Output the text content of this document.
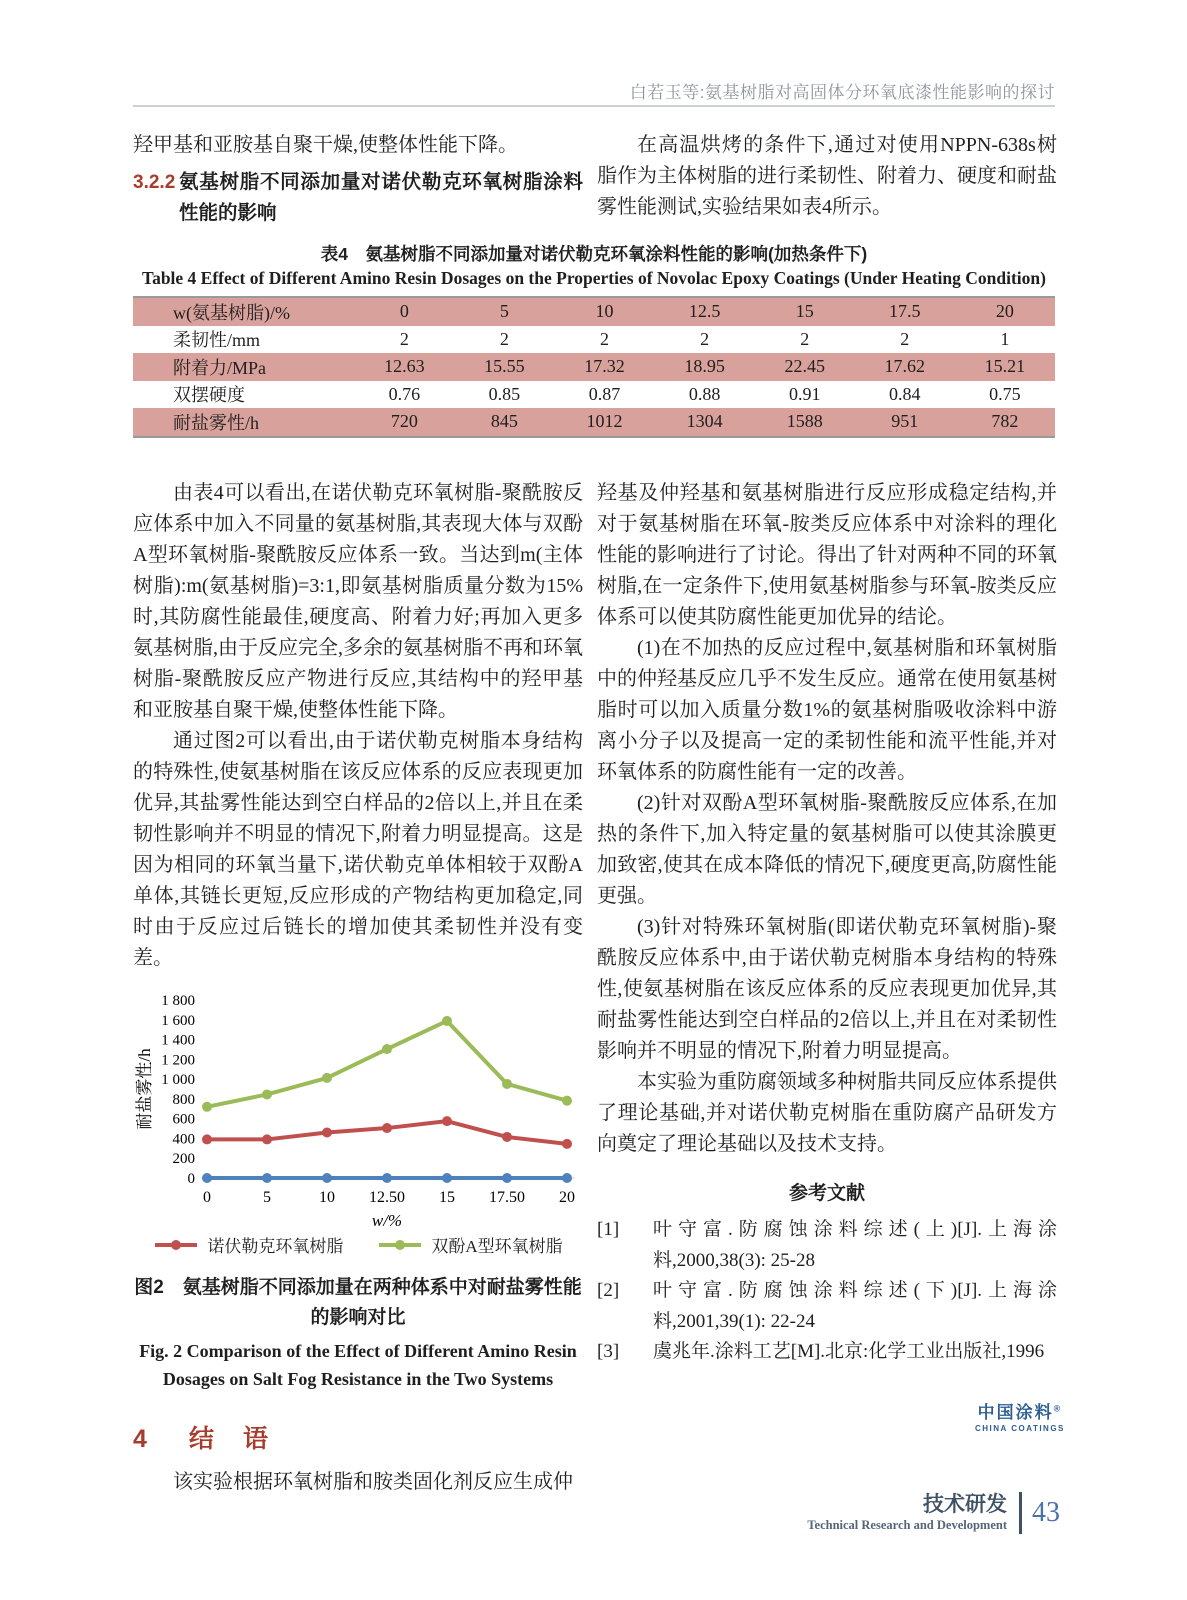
白若玉等:氨基树脂对高固体分环氧底漆性能影响的探讨
羟甲基和亚胺基自聚干燥,使整体性能下降。
3.2.2 氨基树脂不同添加量对诺伏勒克环氧树脂涂料性能的影响
在高温烘烤的条件下,通过对使用NPPN-638s树脂作为主体树脂的进行柔韧性、附着力、硬度和耐盐雾性能测试,实验结果如表4所示。
表4　氨基树脂不同添加量对诺伏勒克环氧涂料性能的影响(加热条件下)
Table 4 Effect of Different Amino Resin Dosages on the Properties of Novolac Epoxy Coatings (Under Heating Condition)
w(氨基树脂)/%	0	5	10	12.5	15	17.5	20
柔韧性/mm	2	2	2	2	2	2	1
附着力/MPa	12.63	15.55	17.32	18.95	22.45	17.62	15.21
双摆硬度	0.76	0.85	0.87	0.88	0.91	0.84	0.75
耐盐雾性/h	720	845	1012	1304	1588	951	782
由表4可以看出,在诺伏勒克环氧树脂-聚酰胺反应体系中加入不同量的氨基树脂,其表现大体与双酚A型环氧树脂-聚酰胺反应体系一致。当达到m(主体树脂):m(氨基树脂)=3:1,即氨基树脂质量分数为15%时,其防腐性能最佳,硬度高、附着力好;再加入更多氨基树脂,由于反应完全,多余的氨基树脂不再和环氧树脂-聚酰胺反应产物进行反应,其结构中的羟甲基和亚胺基自聚干燥,使整体性能下降。
通过图2可以看出,由于诺伏勒克树脂本身结构的特殊性,使氨基树脂在该反应体系的反应表现更加优异,其盐雾性能达到空白样品的2倍以上,并且在柔韧性影响并不明显的情况下,附着力明显提高。这是因为相同的环氧当量下,诺伏勒克单体相较于双酚A单体,其链长更短,反应形成的产物结构更加稳定,同时由于反应过后链长的增加使其柔韧性并没有变差。
0
200
400
600
800
1 000
1 200
1 400
1 600
1 800
耐盐雾性/h
0	5	10 12.50 15 17.50 20
w/%
诺伏勒克环氧树脂	双酚A型环氧树脂
图2　氨基树脂不同添加量在两种体系中对耐盐雾性能的影响对比
Fig. 2 Comparison of the Effect of Different Amino Resin Dosages on Salt Fog Resistance in the Two Systems
4	结　语
该实验根据环氧树脂和胺类固化剂反应生成仲
羟基及仲羟基和氨基树脂进行反应形成稳定结构,并对于氨基树脂在环氧-胺类反应体系中对涂料的理化性能的影响进行了讨论。得出了针对两种不同的环氧树脂,在一定条件下,使用氨基树脂参与环氧-胺类反应体系可以使其防腐性能更加优异的结论。
(1)在不加热的反应过程中,氨基树脂和环氧树脂中的仲羟基反应几乎不发生反应。通常在使用氨基树脂时可以加入质量分数1%的氨基树脂吸收涂料中游离小分子以及提高一定的柔韧性能和流平性能,并对环氧体系的防腐性能有一定的改善。
(2)针对双酚A型环氧树脂-聚酰胺反应体系,在加热的条件下,加入特定量的氨基树脂可以使其涂膜更加致密,使其在成本降低的情况下,硬度更高,防腐性能更强。
(3)针对特殊环氧树脂(即诺伏勒克环氧树脂)-聚酰胺反应体系中,由于诺伏勒克树脂本身结构的特殊性,使氨基树脂在该反应体系的反应表现更加优异,其耐盐雾性能达到空白样品的2倍以上,并且在对柔韧性影响并不明显的情况下,附着力明显提高。
本实验为重防腐领域多种树脂共同反应体系提供了理论基础,并对诺伏勒克树脂在重防腐产品研发方向奠定了理论基础以及技术支持。
参考文献
[1]	叶守富.防腐蚀涂料综述(上)[J].上海涂料,2000,38(3): 25-28
[2]	叶守富.防腐蚀涂料综述(下)[J].上海涂料,2001,39(1): 22-24
[3]	虞兆年.涂料工艺[M].北京:化学工业出版社,1996
中国涂料®
CHINA COATINGS
技术研发
Technical Research and Development 43
